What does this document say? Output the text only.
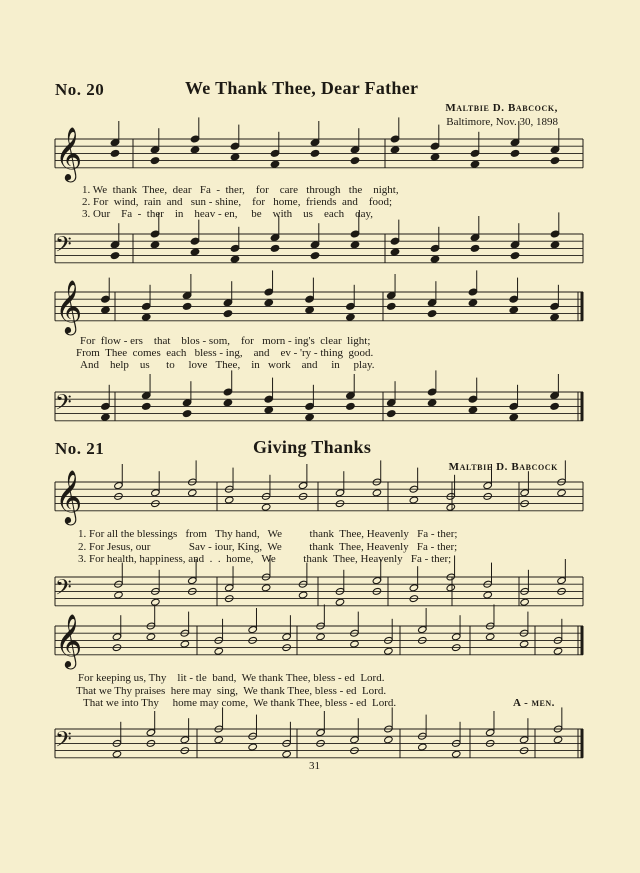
No. 20	We Thank Thee, Dear Father
Maltbie D. Babcock,
Baltimore, Nov. 30, 1898
1. We  thank  Thee,  dear   Fa  -  ther,    for    care   through   the    night,
2. For  wind,  rain  and   sun - shine,    for   home,  friends  and    food;
3. Our    Fa  -  ther    in    heav - en,     be    with    us    each    day,
For  flow - ers    that    blos - som,    for   morn - ing's  clear  light;
From  Thee  comes  each   bless - ing,    and    ev - 'ry - thing  good.
And    help    us      to     love   Thee,    in   work    and     in     play.
No. 21	Giving Thanks
Maltbie D. Babcock
1. For all the blessings   from   Thy hand,   We          thank  Thee, Heavenly   Fa - ther;
2. For Jesus, our              Sav - iour, King,  We          thank  Thee, Heavenly   Fa - ther;
3. For health, happiness, and  .  .  home,   We          thank  Thee, Heavenly   Fa - ther;
For keeping us, Thy    lit - tle  band,  We thank Thee, bless - ed  Lord.
That we Thy praises  here may  sing,  We thank Thee, bless - ed  Lord.
That we into Thy     home may come,  We thank Thee, bless - ed  Lord.	A - men.
31
𝄞
𝄢
𝄞
𝄢
𝄞
𝄢
𝄞
𝄢
